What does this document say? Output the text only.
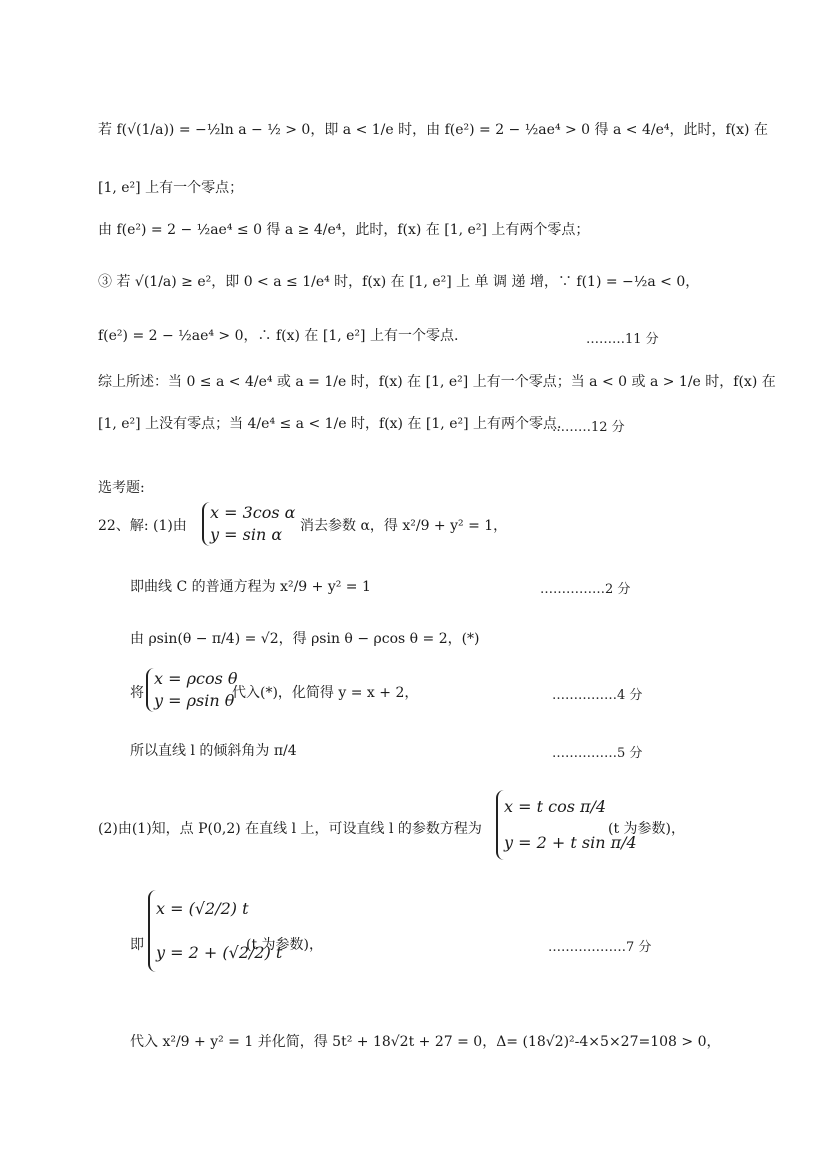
若 f(√(1/a)) = −½ln a − ½ > 0，即 a < 1/e 时，由 f(e²) = 2 − ½ae⁴ > 0 得 a < 4/e⁴，此时，f(x) 在
[1, e²] 上有一个零点；
由 f(e²) = 2 − ½ae⁴ ≤ 0 得 a ≥ 4/e⁴，此时，f(x) 在 [1, e²] 上有两个零点；
③ 若 √(1/a) ≥ e²，即 0 < a ≤ 1/e⁴ 时，f(x) 在 [1, e²] 上 单 调 递 增，∵ f(1) = −½a < 0，
f(e²) = 2 − ½ae⁴ > 0，∴ f(x) 在 [1, e²] 上有一个零点.	………11 分
综上所述：当 0 ≤ a < 4/e⁴ 或 a = 1/e 时，f(x) 在 [1, e²] 上有一个零点；当 a < 0 或 a > 1/e 时，f(x) 在
[1, e²] 上没有零点；当 4/e⁴ ≤ a < 1/e 时，f(x) 在 [1, e²] 上有两个零点.
………12 分
选考题:
22、解: (1)由
x = 3cos α
y = sin α	消去参数 α，得 x²/9 + y² = 1，
即曲线 C 的普通方程为 x²/9 + y² = 1	……………2 分
由 ρsin(θ − π/4) = √2，得 ρsin θ − ρcos θ = 2，(*)
将
x = ρcos θ
y = ρsin θ
代入(*)，化简得 y = x + 2，	……………4 分
所以直线 l 的倾斜角为 π/4	……………5 分
(2)由(1)知，点 P(0,2) 在直线 l 上，可设直线 l 的参数方程为
x = t cos π/4
y = 2 + t sin π/4
(t 为参数)，
即
x = (√2/2) t
y = 2 + (√2/2) t
(t 为参数)，	………………7 分
代入 x²/9 + y² = 1 并化简，得 5t² + 18√2t + 27 = 0，Δ= (18√2)²-4×5×27=108 > 0，
